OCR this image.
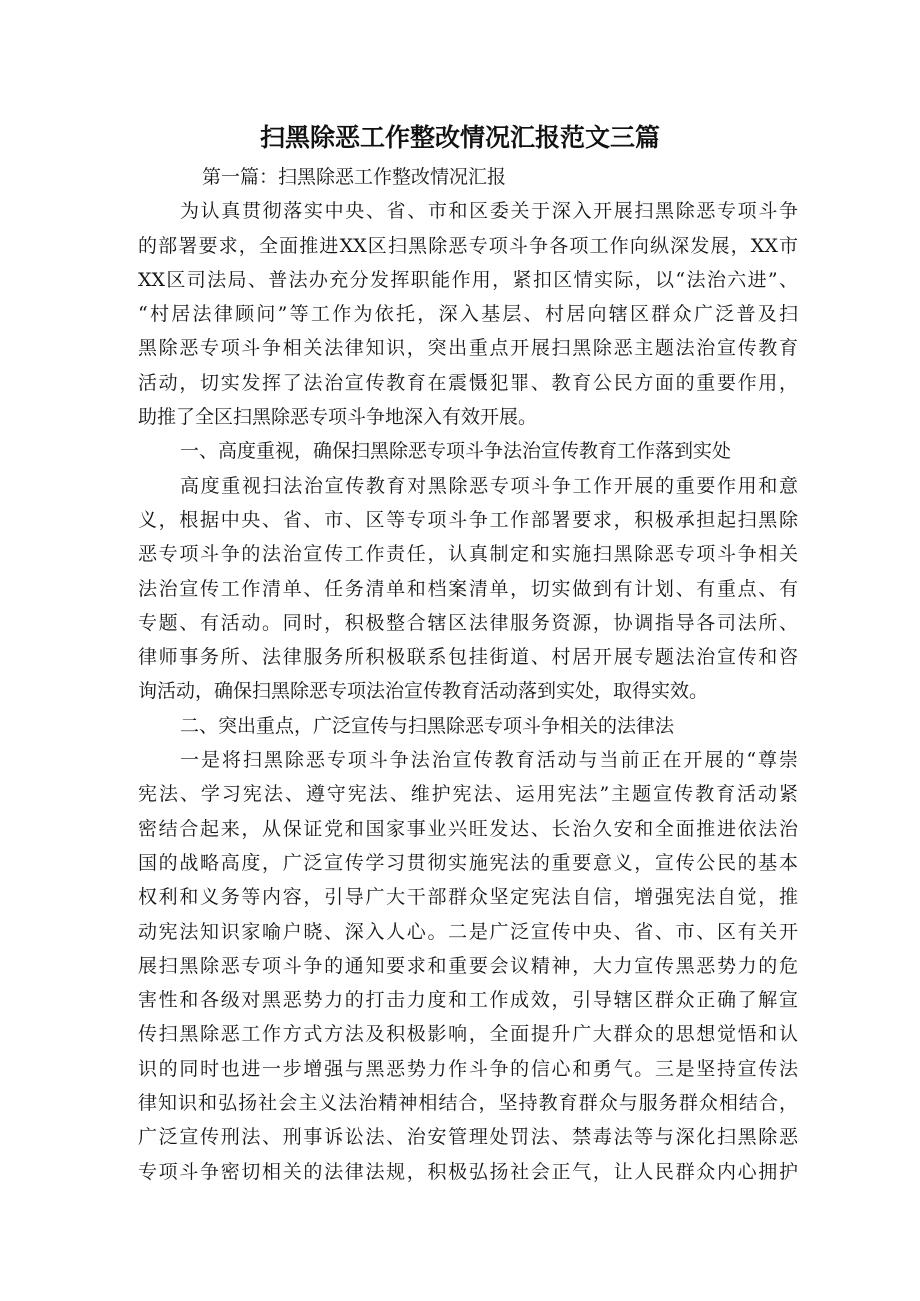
扫黑除恶工作整改情况汇报范文三篇
第一篇：扫黑除恶工作整改情况汇报
为认真贯彻落实中央、省、市和区委关于深入开展扫黑除恶专项斗争
的部署要求，全面推进XX区扫黑除恶专项斗争各项工作向纵深发展，XX市
XX区司法局、普法办充分发挥职能作用，紧扣区情实际，以“法治六进”、
“村居法律顾问”等工作为依托，深入基层、村居向辖区群众广泛普及扫
黑除恶专项斗争相关法律知识，突出重点开展扫黑除恶主题法治宣传教育
活动，切实发挥了法治宣传教育在震慑犯罪、教育公民方面的重要作用，
助推了全区扫黑除恶专项斗争地深入有效开展。
一、高度重视，确保扫黑除恶专项斗争法治宣传教育工作落到实处
高度重视扫法治宣传教育对黑除恶专项斗争工作开展的重要作用和意
义，根据中央、省、市、区等专项斗争工作部署要求，积极承担起扫黑除
恶专项斗争的法治宣传工作责任，认真制定和实施扫黑除恶专项斗争相关
法治宣传工作清单、任务清单和档案清单，切实做到有计划、有重点、有
专题、有活动。同时，积极整合辖区法律服务资源，协调指导各司法所、
律师事务所、法律服务所积极联系包挂街道、村居开展专题法治宣传和咨
询活动，确保扫黑除恶专项法治宣传教育活动落到实处，取得实效。
二、突出重点，广泛宣传与扫黑除恶专项斗争相关的法律法
一是将扫黑除恶专项斗争法治宣传教育活动与当前正在开展的“尊崇
宪法、学习宪法、遵守宪法、维护宪法、运用宪法”主题宣传教育活动紧
密结合起来，从保证党和国家事业兴旺发达、长治久安和全面推进依法治
国的战略高度，广泛宣传学习贯彻实施宪法的重要意义，宣传公民的基本
权利和义务等内容，引导广大干部群众坚定宪法自信，增强宪法自觉，推
动宪法知识家喻户晓、深入人心。二是广泛宣传中央、省、市、区有关开
展扫黑除恶专项斗争的通知要求和重要会议精神，大力宣传黑恶势力的危
害性和各级对黑恶势力的打击力度和工作成效，引导辖区群众正确了解宣
传扫黑除恶工作方式方法及积极影响，全面提升广大群众的思想觉悟和认
识的同时也进一步增强与黑恶势力作斗争的信心和勇气。三是坚持宣传法
律知识和弘扬社会主义法治精神相结合，坚持教育群众与服务群众相结合，
广泛宣传刑法、刑事诉讼法、治安管理处罚法、禁毒法等与深化扫黑除恶
专项斗争密切相关的法律法规，积极弘扬社会正气，让人民群众内心拥护
